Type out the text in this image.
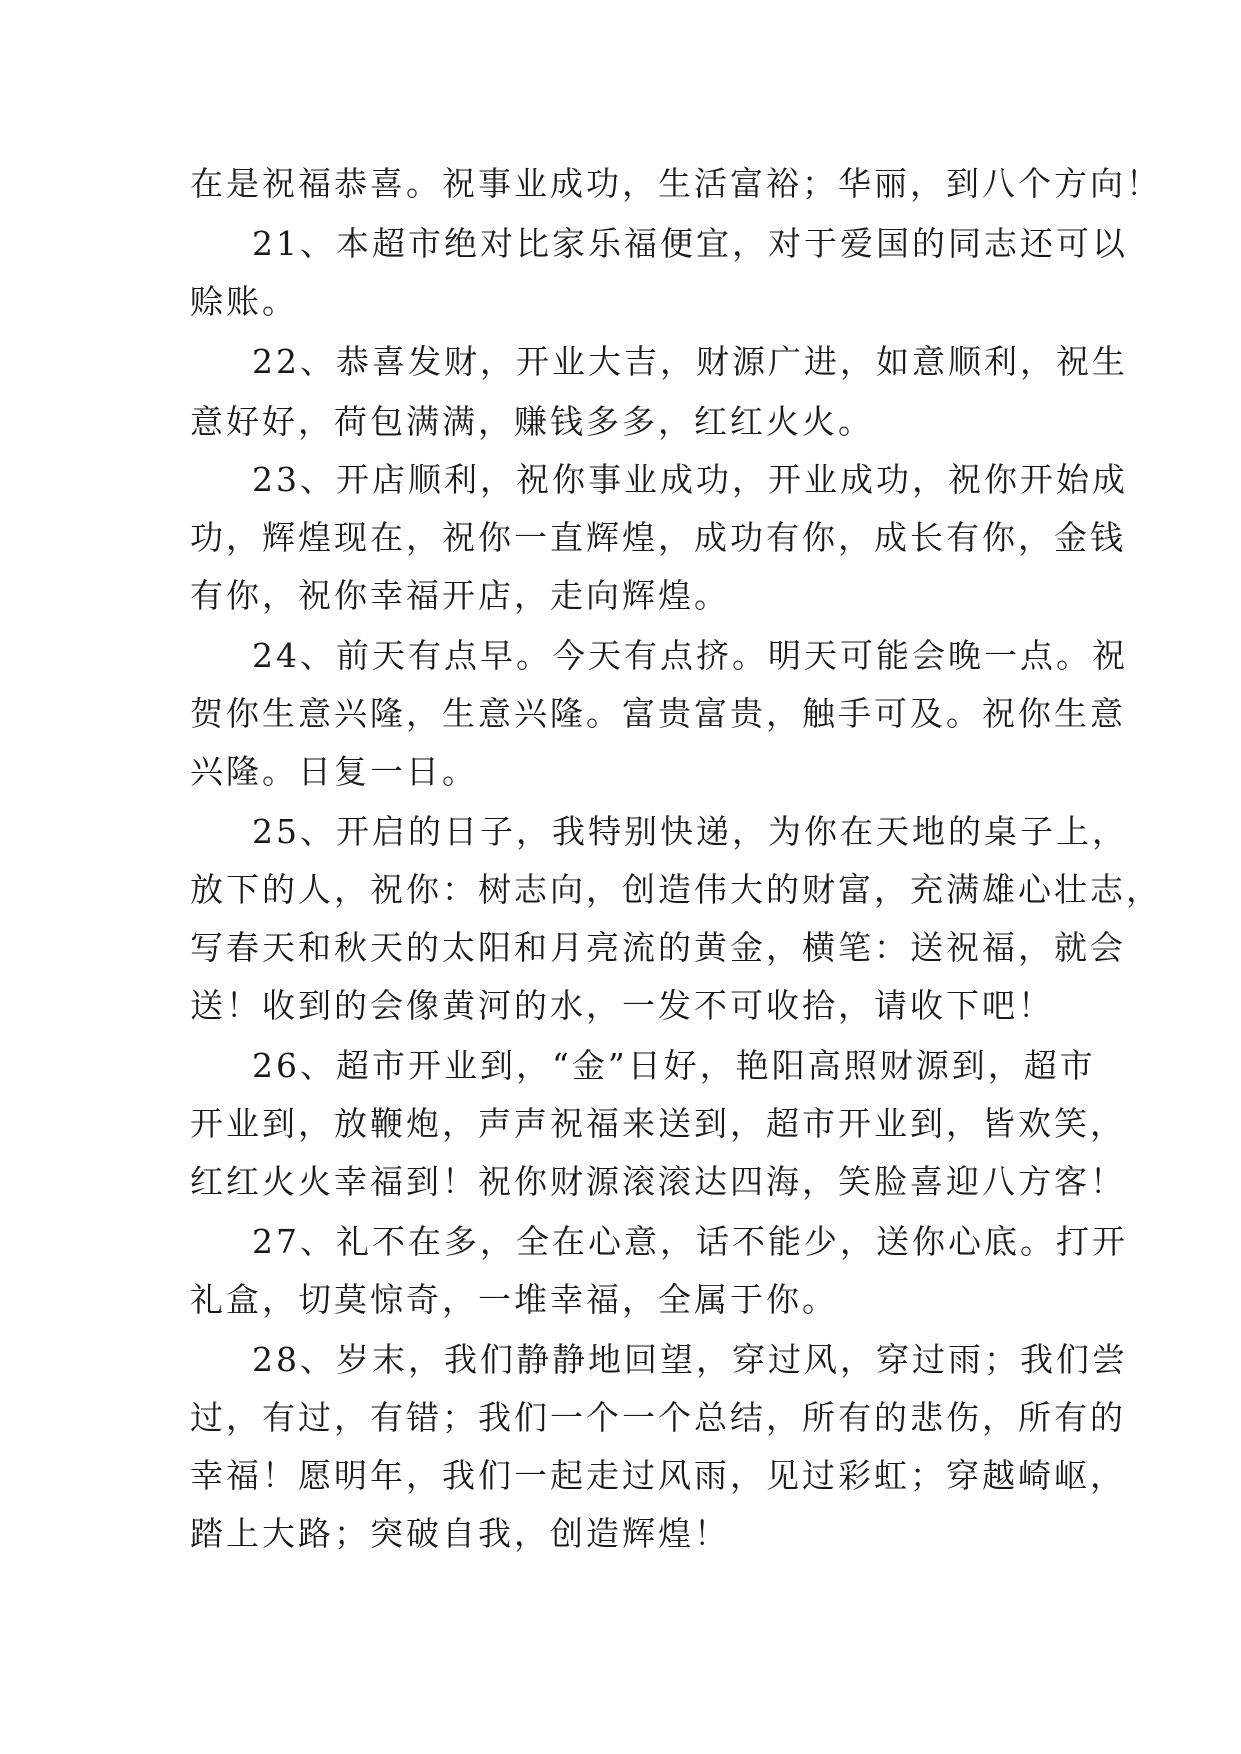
在是祝福恭喜。祝事业成功，生活富裕；华丽，到八个方向！
21、本超市绝对比家乐福便宜，对于爱国的同志还可以
赊账。
22、恭喜发财，开业大吉，财源广进，如意顺利，祝生
意好好，荷包满满，赚钱多多，红红火火。
23、开店顺利，祝你事业成功，开业成功，祝你开始成
功，辉煌现在，祝你一直辉煌，成功有你，成长有你，金钱
有你，祝你幸福开店，走向辉煌。
24、前天有点早。今天有点挤。明天可能会晚一点。祝
贺你生意兴隆，生意兴隆。富贵富贵，触手可及。祝你生意
兴隆。日复一日。
25、开启的日子，我特别快递，为你在天地的桌子上，
放下的人，祝你：树志向，创造伟大的财富，充满雄心壮志，
写春天和秋天的太阳和月亮流的黄金，横笔：送祝福，就会
送！收到的会像黄河的水，一发不可收拾，请收下吧！
26、超市开业到，“金”日好，艳阳高照财源到，超市
开业到，放鞭炮，声声祝福来送到，超市开业到，皆欢笑，
红红火火幸福到！祝你财源滚滚达四海，笑脸喜迎八方客！
27、礼不在多，全在心意，话不能少，送你心底。打开
礼盒，切莫惊奇，一堆幸福，全属于你。
28、岁末，我们静静地回望，穿过风，穿过雨；我们尝
过，有过，有错；我们一个一个总结，所有的悲伤，所有的
幸福！愿明年，我们一起走过风雨，见过彩虹；穿越崎岖，
踏上大路；突破自我，创造辉煌！
